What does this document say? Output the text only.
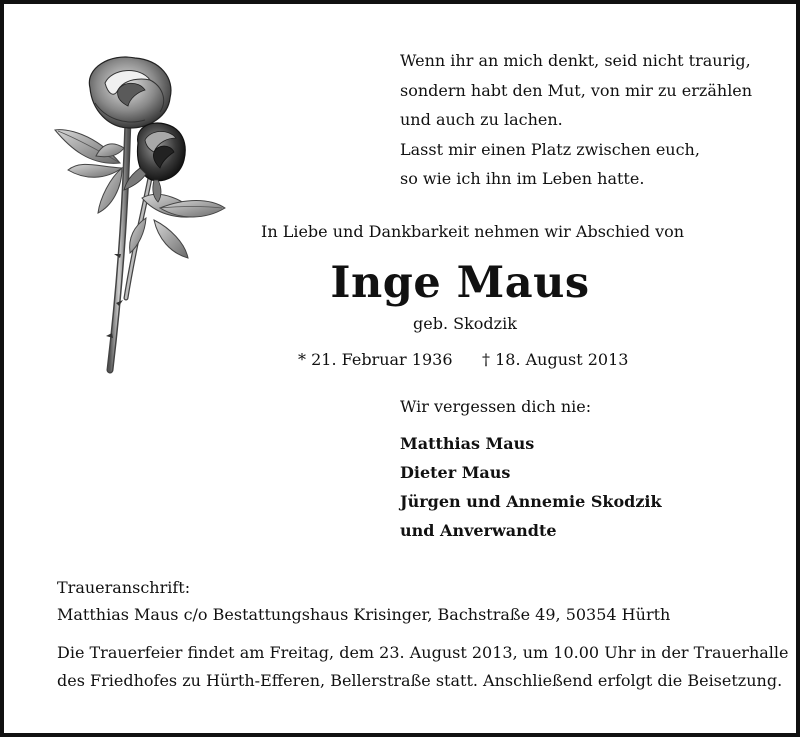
Wenn ihr an mich denkt, seid nicht traurig,
sondern habt den Mut, von mir zu erzählen
und auch zu lachen.
Lasst mir einen Platz zwischen euch,
so wie ich ihn im Leben hatte.
In Liebe und Dankbarkeit nehmen wir Abschied von
Inge Maus
geb. Skodzik
* 21. Februar 1936 † 18. August 2013
Wir vergessen dich nie:
Matthias Maus
Dieter Maus
Jürgen und Annemie Skodzik
und Anverwandte
Traueranschrift:
Matthias Maus c/o Bestattungshaus Krisinger, Bachstraße 49, 50354 Hürth
Die Trauerfeier findet am Freitag, dem 23. August 2013, um 10.00 Uhr in der Trauerhalle
des Friedhofes zu Hürth-Efferen, Bellerstraße statt. Anschließend erfolgt die Beisetzung.
